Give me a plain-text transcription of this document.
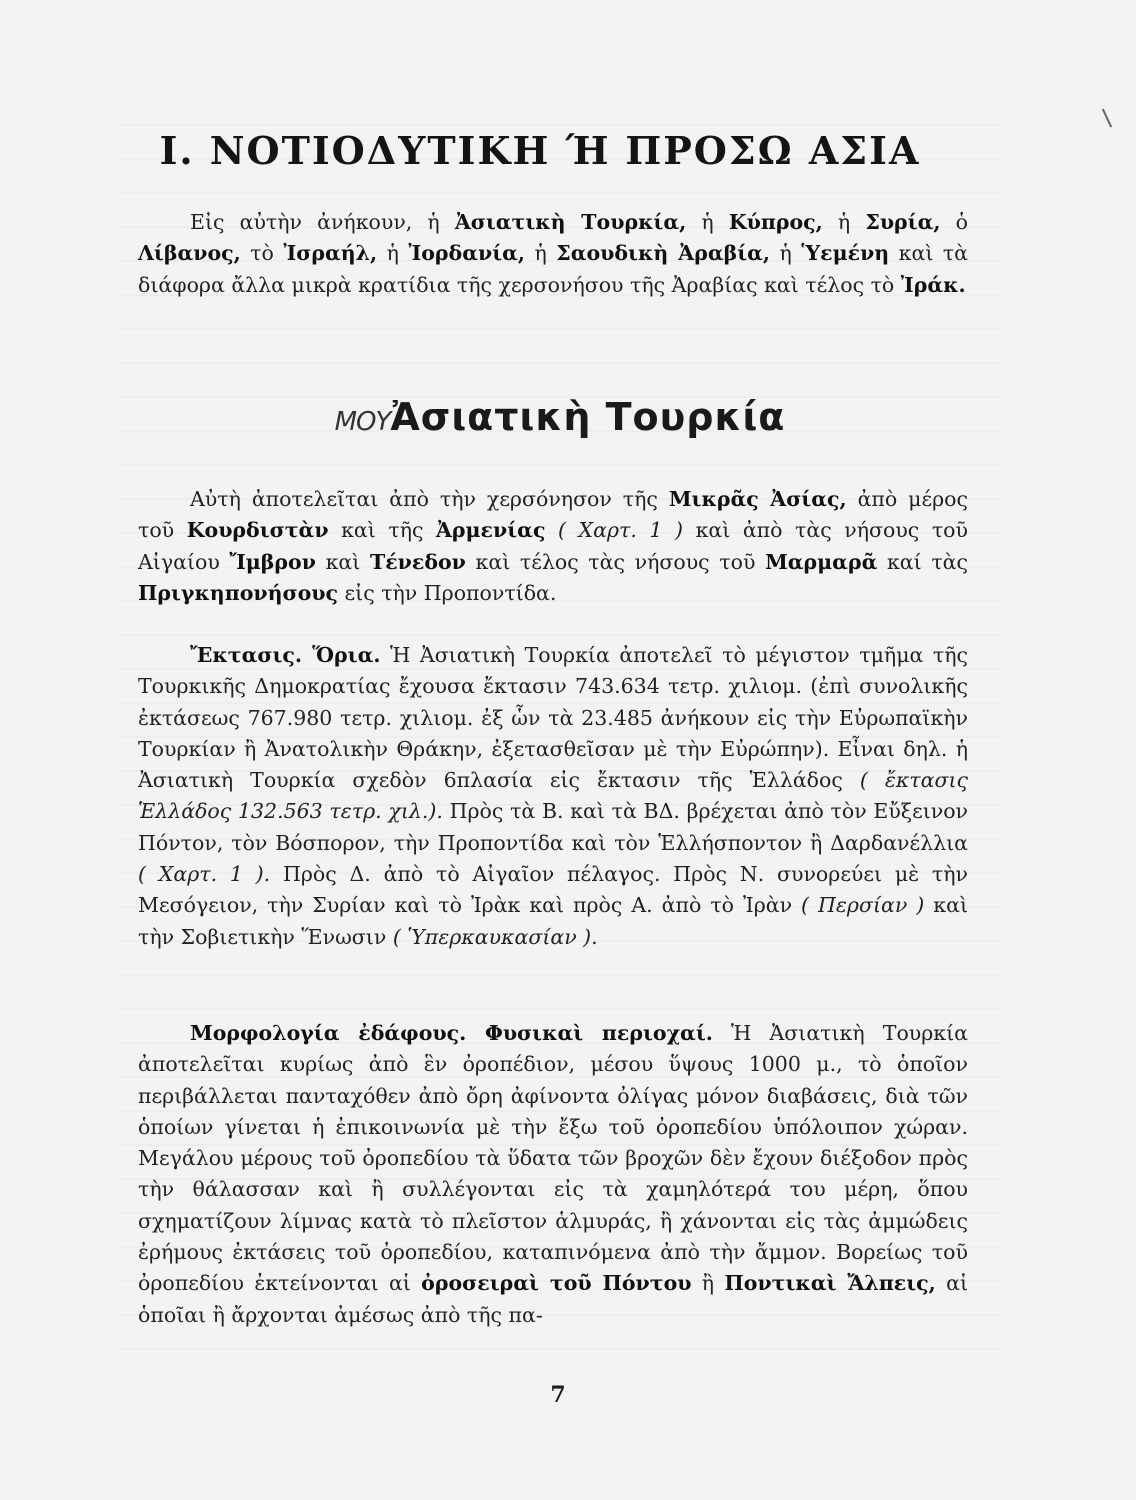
Ι. ΝΟΤΙΟΔΥΤΙΚΗ Ή ΠΡΟΣΩ ΑΣΙΑ

Εἰς αὐτὴν ἀνήκουν, ἡ Ἀσιατικὴ Τουρκία, ἡ Κύπρος, ἡ Συρία, ὁ Λίβανος, τὸ Ἰσραήλ, ἡ Ἰορδανία, ἡ Σαουδικὴ Ἀραβία, ἡ Ὑεμένη καὶ τὰ διάφορα ἄλλα μικρὰ κρατίδια τῆς χερσονήσου τῆς Ἀραβίας καὶ τέλος τὸ Ἰράκ.

ΜΟΥἈσιατικὴ Τουρκία

Αὐτὴ ἀποτελεῖται ἀπὸ τὴν χερσόνησον τῆς Μικρᾶς Ἀσίας, ἀπὸ μέρος τοῦ Κουρδιστὰν καὶ τῆς Ἀρμενίας ( Χαρτ. 1 ) καὶ ἀπὸ τὰς νήσους τοῦ Αἰγαίου Ἴμβρον καὶ Τένεδον καὶ τέλος τὰς νήσους τοῦ Μαρμαρᾶ καί τὰς Πριγκηπονήσους εἰς τὴν Προποντίδα.

Ἔκτασις. Ὅρια. Ἡ Ἀσιατικὴ Τουρκία ἀποτελεῖ τὸ μέγιστον τμῆμα τῆς Τουρκικῆς Δημοκρατίας ἔχουσα ἔκτασιν 743.634 τετρ. χιλιομ. (ἐπὶ συνολικῆς ἐκτάσεως 767.980 τετρ. χιλιομ. ἐξ ὧν τὰ 23.485 ἀνήκουν εἰς τὴν Εὐρωπαϊκὴν Τουρκίαν ἢ Ἀνατολικὴν Θράκην, ἐξετασθεῖσαν μὲ τὴν Εὐρώπην). Εἶναι δηλ. ἡ Ἀσιατικὴ Τουρκία σχεδὸν 6πλασία εἰς ἔκτασιν τῆς Ἑλλάδος ( ἔκτασις Ἑλλάδος 132.563 τετρ. χιλ.). Πρὸς τὰ Β. καὶ τὰ ΒΔ. βρέχεται ἀπὸ τὸν Εὔξεινον Πόντον, τὸν Βόσπορον, τὴν Προποντίδα καὶ τὸν Ἑλλήσποντον ἢ Δαρδανέλλια ( Χαρτ. 1 ). Πρὸς Δ. ἀπὸ τὸ Αἰγαῖον πέλαγος. Πρὸς Ν. συνορεύει μὲ τὴν Μεσόγειον, τὴν Συρίαν καὶ τὸ Ἰρὰκ καὶ πρὸς Α. ἀπὸ τὸ Ἰρὰν ( Περσίαν ) καὶ τὴν Σοβιετικὴν Ἕνωσιν ( Ὑπερκαυκασίαν ).

Μορφολογία ἐδάφους. Φυσικαὶ περιοχαί. Ἡ Ἀσιατικὴ Τουρκία ἀποτελεῖται κυρίως ἀπὸ ἓν ὀροπέδιον, μέσου ὕψους 1000 μ., τὸ ὁποῖον περιβάλλεται πανταχόθεν ἀπὸ ὄρη ἀφίνοντα ὀλίγας μόνον διαβάσεις, διὰ τῶν ὁποίων γίνεται ἡ ἐπικοινωνία μὲ τὴν ἔξω τοῦ ὀροπεδίου ὑπόλοιπον χώραν. Μεγάλου μέρους τοῦ ὀροπεδίου τὰ ὕδατα τῶν βροχῶν δὲν ἔχουν διέξοδον πρὸς τὴν θάλασσαν καὶ ἢ συλλέγονται εἰς τὰ χαμηλότερά του μέρη, ὅπου σχηματίζουν λίμνας κατὰ τὸ πλεῖστον ἁλμυράς, ἢ χάνονται εἰς τὰς ἀμμώδεις ἐρήμους ἐκτάσεις τοῦ ὀροπεδίου, καταπινόμενα ἀπὸ τὴν ἄμμον. Βορείως τοῦ ὀροπεδίου ἐκτείνονται αἱ ὀροσειραὶ τοῦ Πόντου ἢ Ποντικαὶ Ἄλπεις, αἱ ὁποῖαι ἢ ἄρχονται ἀμέσως ἀπὸ τῆς πα-

7
